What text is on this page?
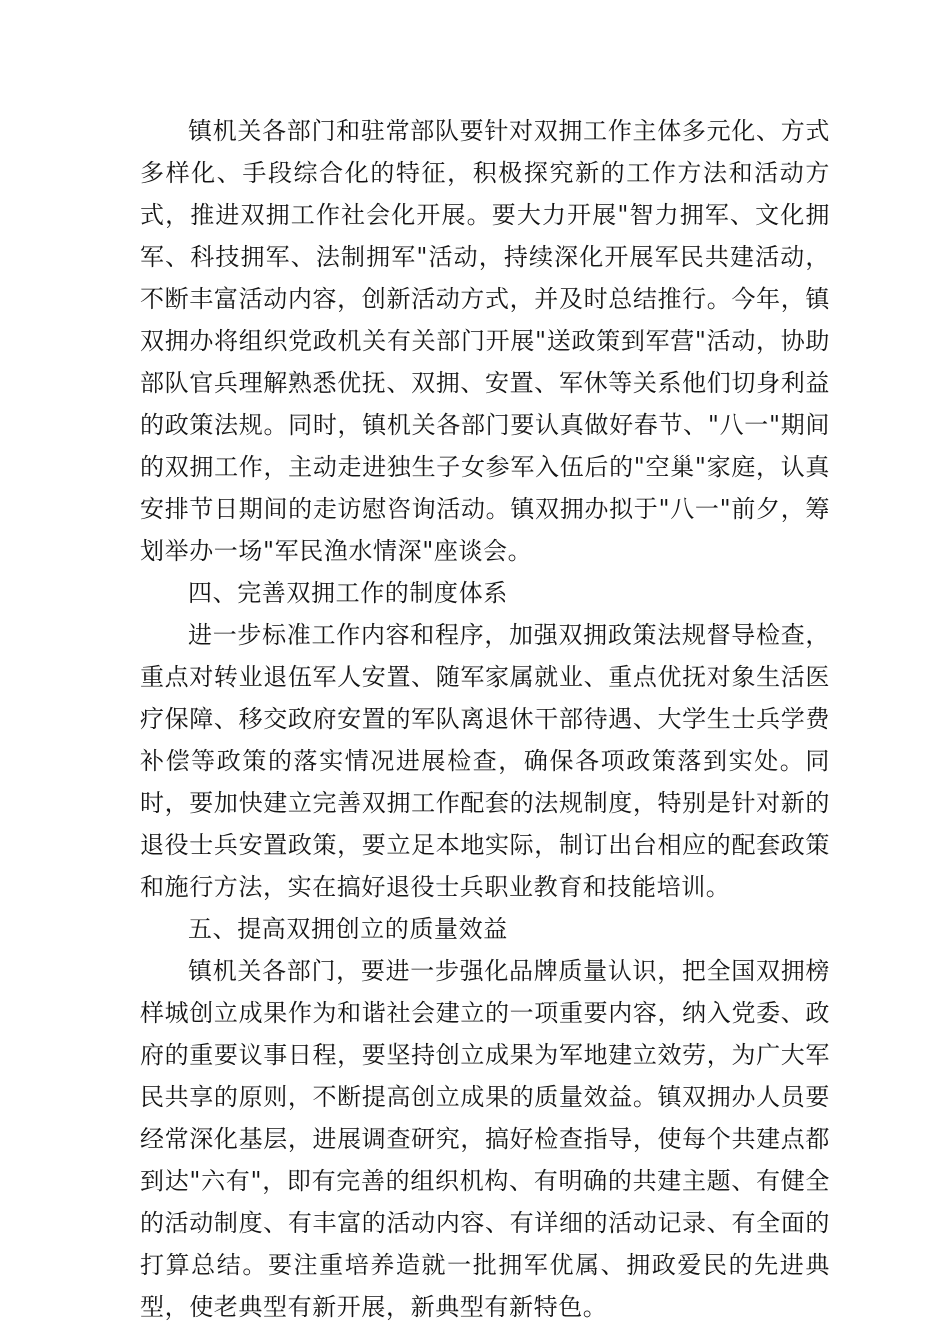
镇机关各部门和驻常部队要针对双拥工作主体多元化、方式多样化、手段综合化的特征，积极探究新的工作方法和活动方式，推进双拥工作社会化开展。要大力开展"智力拥军、文化拥军、科技拥军、法制拥军"活动，持续深化开展军民共建活动，不断丰富活动内容，创新活动方式，并及时总结推行。今年，镇双拥办将组织党政机关有关部门开展"送政策到军营"活动，协助部队官兵理解熟悉优抚、双拥、安置、军休等关系他们切身利益的政策法规。同时，镇机关各部门要认真做好春节、"八一"期间的双拥工作，主动走进独生子女参军入伍后的"空巢"家庭，认真安排节日期间的走访慰咨询活动。镇双拥办拟于"八一"前夕，筹划举办一场"军民渔水情深"座谈会。

四、完善双拥工作的制度体系

进一步标准工作内容和程序，加强双拥政策法规督导检查，重点对转业退伍军人安置、随军家属就业、重点优抚对象生活医疗保障、移交政府安置的军队离退休干部待遇、大学生士兵学费补偿等政策的落实情况进展检查，确保各项政策落到实处。同时，要加快建立完善双拥工作配套的法规制度，特别是针对新的退役士兵安置政策，要立足本地实际，制订出台相应的配套政策和施行方法，实在搞好退役士兵职业教育和技能培训。

五、提高双拥创立的质量效益

镇机关各部门，要进一步强化品牌质量认识，把全国双拥榜样城创立成果作为和谐社会建立的一项重要内容，纳入党委、政府的重要议事日程，要坚持创立成果为军地建立效劳，为广大军民共享的原则，不断提高创立成果的质量效益。镇双拥办人员要经常深化基层，进展调查研究，搞好检查指导，使每个共建点都到达"六有"，即有完善的组织机构、有明确的共建主题、有健全的活动制度、有丰富的活动内容、有详细的活动记录、有全面的打算总结。要注重培养造就一批拥军优属、拥政爱民的先进典型，使老典型有新开展，新典型有新特色。
